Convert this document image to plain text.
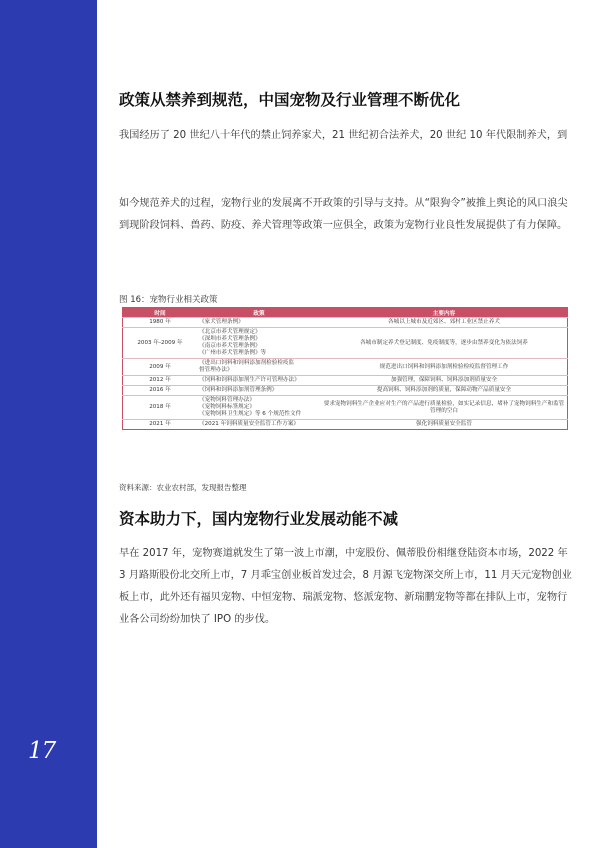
17
政策从禁养到规范，中国宠物及行业管理不断优化

我国经历了 20 世纪八十年代的禁止饲养家犬，21 世纪初合法养犬，20 世纪 10 年代限制养犬，到

如今规范养犬的过程，宠物行业的发展离不开政策的引导与支持。从“限狗令”被推上舆论的风口浪尖到现阶段饲料、兽药、防疫、养犬管理等政策一应俱全，政策为宠物行业良性发展提供了有力保障。

图 16：宠物行业相关政策
时间	政策	主要内容
1980 年	《家犬管理条例》	各城以上城市及近郊区、郊村工业区禁止养犬
2003 年-2009 年	《北京市养犬管理规定》
《深圳市养犬管理条例》
《南京市养犬管理条例》
《广州市养犬管理条例》等	各城市制定养犬登记制度、免疫制度等，逐步由禁养变化为依法饲养
2009 年	《进出口饲料和饲料添加剂检验检疫监
督管理办法》	规范进出口饲料和饲料添加剂检验检疫监督管理工作
2012 年	《饲料和饲料添加剂生产许可管理办法》	加强管理，保障饲料、饲料添加剂质量安全
2016 年	《饲料和饲料添加剂管理条例》	提高饲料、饲料添加剂的质量，保障动物产品质量安全
2018 年	《宠物饲料管理办法》
《宠物饲料标签规定》
《宠物饲料卫生规定》等 6 个规范性文件	要求宠物饲料生产企业应对生产的产品进行质量检验，如实记录信息，堵补了宠物饲料生产和监管管理的空白
2021 年	《2021 年饲料质量安全监管工作方案》	强化饲料质量安全监管
资料来源：农业农村部，发现报告整理
资本助力下，国内宠物行业发展动能不减

早在 2017 年，宠物赛道就发生了第一波上市潮，中宠股份、佩蒂股份相继登陆资本市场，2022 年 3 月路斯股份北交所上市，7 月乖宝创业板首发过会，8 月源飞宠物深交所上市，11 月天元宠物创业板上市，此外还有福贝宠物、中恒宠物、瑞派宠物、悠派宠物、新瑞鹏宠物等都在排队上市，宠物行业各公司纷纷加快了 IPO 的步伐。
